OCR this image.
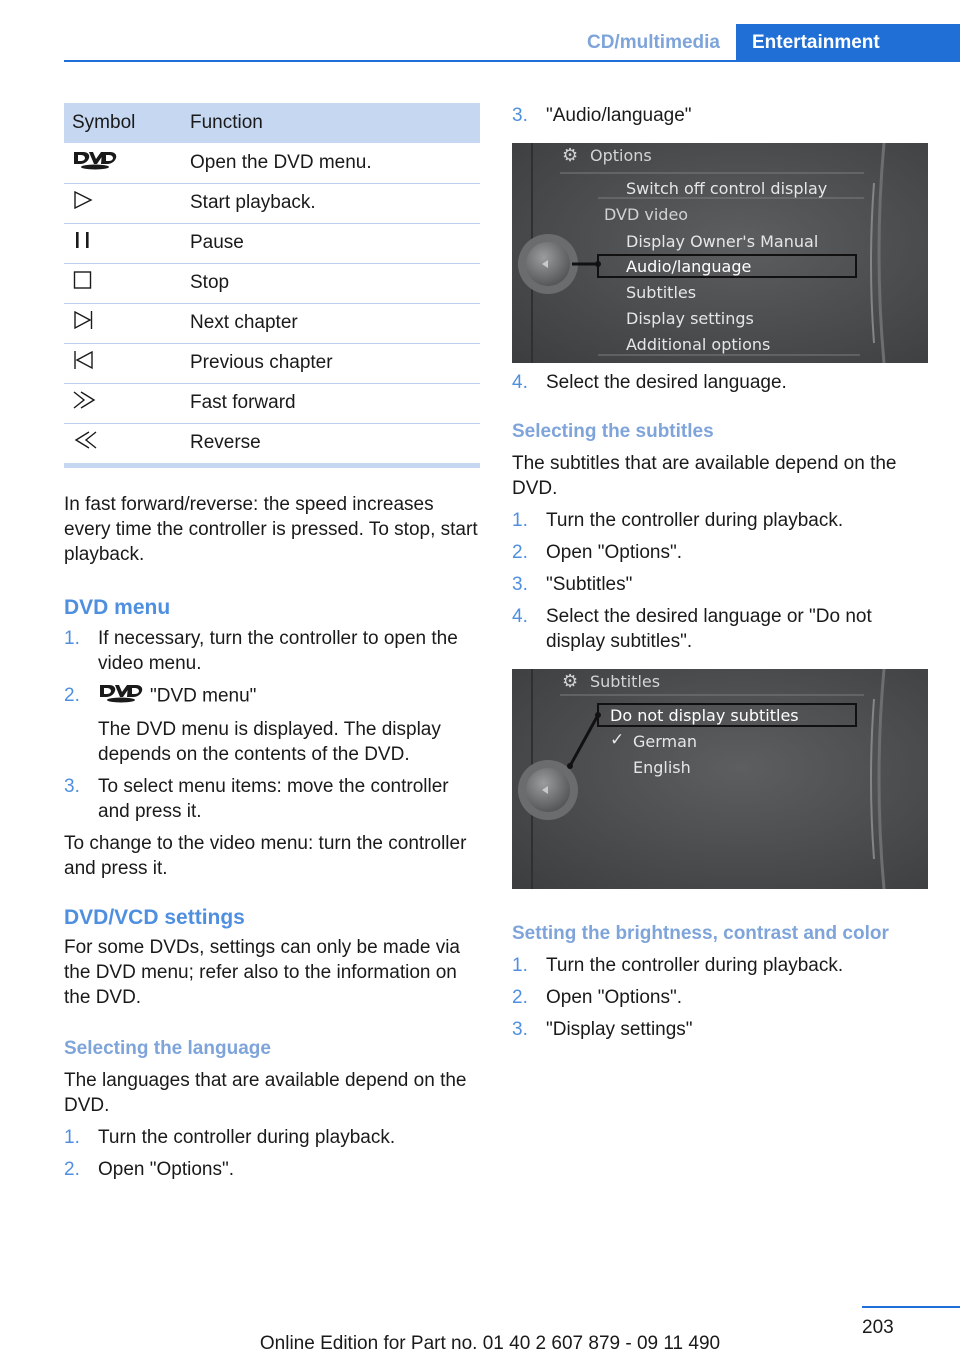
CD/multimedia	Entertainment
Symbol	Function
	Open the DVD menu.
	Start playback.
	Pause
	Stop
	Next chapter
	Previous chapter
	Fast forward
	Reverse

In fast forward/reverse: the speed increases every time the controller is pressed. To stop, start playback.

DVD menu
1. If necessary, turn the controller to open the video menu.
2.	"DVD menu"
The DVD menu is displayed. The display depends on the contents of the DVD.
3. To select menu items: move the controller and press it.

To change to the video menu: turn the controller and press it.

DVD/VCD settings

For some DVDs, settings can only be made via the DVD menu; refer also to the information on the DVD.

Selecting the language

The languages that are available depend on the DVD.

1. Turn the controller during playback.
2. Open "Options".
3. "Audio/language"
⚙ Options
Switch off control display
DVD video
Display Owner's Manual
Audio/language
Subtitles
Display settings
Additional options
4. Select the desired language.
Selecting the subtitles

The subtitles that are available depend on the DVD.

1. Turn the controller during playback.
2. Open "Options".
3. "Subtitles"
4. Select the desired language or "Do not display subtitles".
⚙ Subtitles
Do not display subtitles
✓ German
English
Setting the brightness, contrast and color
1. Turn the controller during playback.
2. Open "Options".
3. "Display settings"
203
Online Edition for Part no. 01 40 2 607 879 - 09 11 490
